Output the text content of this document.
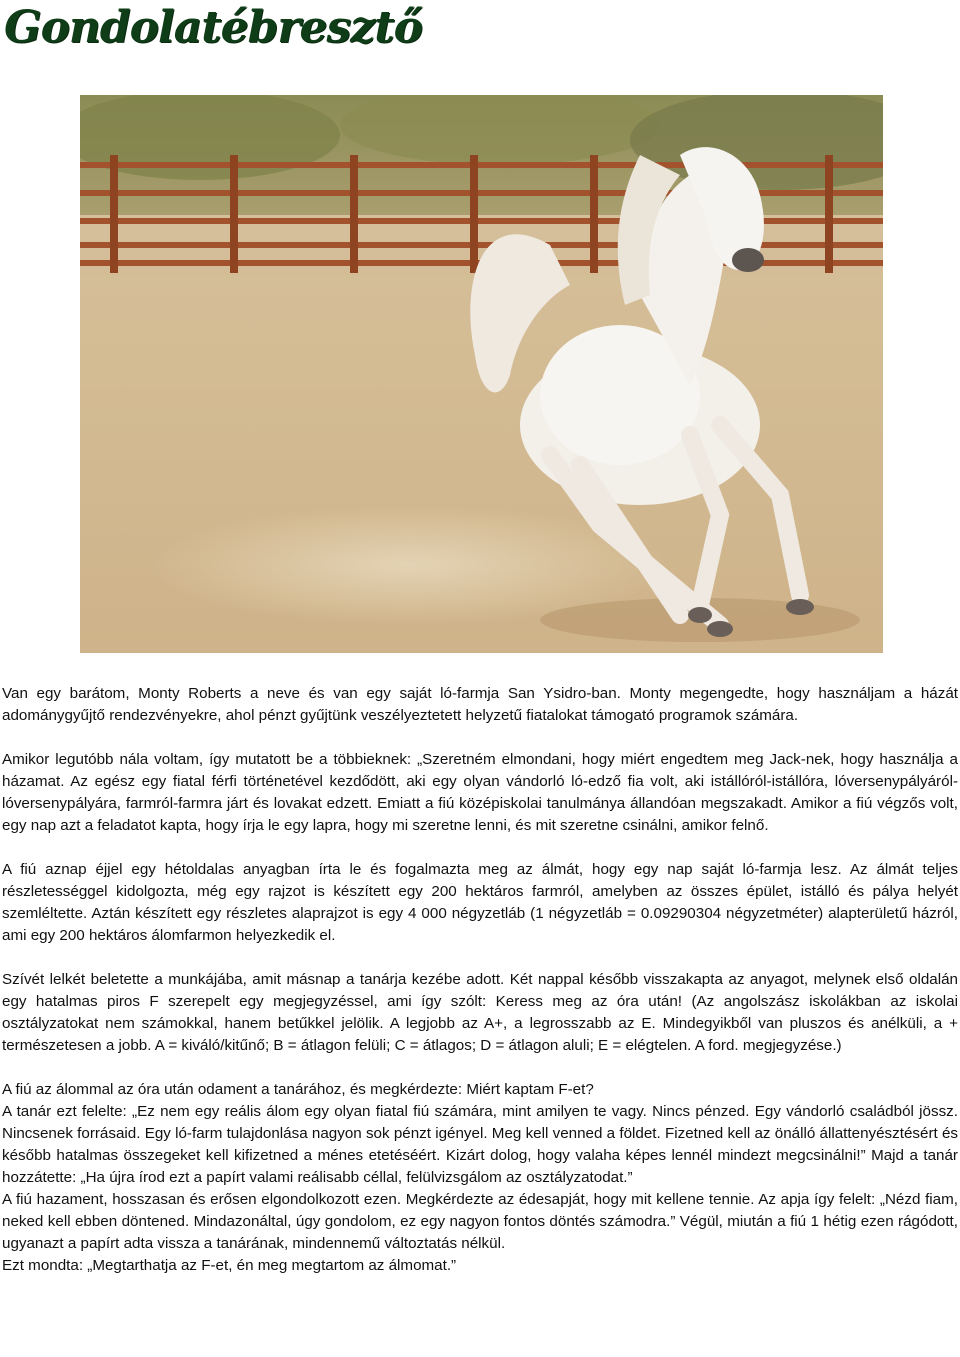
Gondolatébresztő

Van egy barátom, Monty Roberts a neve és van egy saját ló-farmja San Ysidro-ban. Monty megengedte, hogy használjam a házát adománygyűjtő rendezvényekre, ahol pénzt gyűjtünk veszélyeztetett helyzetű fiatalokat támogató programok számára.

Amikor legutóbb nála voltam, így mutatott be a többieknek: „Szeretném elmondani, hogy miért engedtem meg Jack-nek, hogy használja a házamat. Az egész egy fiatal férfi történetével kezdődött, aki egy olyan vándorló ló-edző fia volt, aki istállóról-istállóra, lóversenypályáról-lóversenypályára, farmról-farmra járt és lovakat edzett. Emiatt a fiú középiskolai tanulmánya állandóan megszakadt. Amikor a fiú végzős volt, egy nap azt a feladatot kapta, hogy írja le egy lapra, hogy mi szeretne lenni, és mit szeretne csinálni, amikor felnő.

A fiú aznap éjjel egy hétoldalas anyagban írta le és fogalmazta meg az álmát, hogy egy nap saját ló-farmja lesz. Az álmát teljes részletességgel kidolgozta, még egy rajzot is készített egy 200 hektáros farmról, amelyben az összes épület, istálló és pálya helyét szemléltette. Aztán készített egy részletes alaprajzot is egy 4 000 négyzetláb (1 négyzetláb = 0.09290304 négyzetméter) alapterületű házról, ami egy 200 hektáros álomfarmon helyezkedik el.

Szívét lelkét beletette a munkájába, amit másnap a tanárja kezébe adott. Két nappal később visszakapta az anyagot, melynek első oldalán egy hatalmas piros F szerepelt egy megjegyzéssel, ami így szólt: Keress meg az óra után! (Az angolszász iskolákban az iskolai osztályzatokat nem számokkal, hanem betűkkel jelölik. A legjobb az A+, a legrosszabb az E. Mindegyikből van pluszos és anélküli, a + természetesen a jobb. A = kiváló/kitűnő; B = átlagon felüli; C = átlagos; D = átlagon aluli; E = elégtelen. A ford. megjegyzése.)

A fiú az álommal az óra után odament a tanárához, és megkérdezte: Miért kaptam F-et?

A tanár ezt felelte: „Ez nem egy reális álom egy olyan fiatal fiú számára, mint amilyen te vagy. Nincs pénzed. Egy vándorló családból jössz. Nincsenek forrásaid. Egy ló-farm tulajdonlása nagyon sok pénzt igényel. Meg kell venned a földet. Fizetned kell az önálló állattenyésztésért és később hatalmas összegeket kell kifizetned a ménes etetéséért. Kizárt dolog, hogy valaha képes lennél mindezt megcsinálni!” Majd a tanár hozzátette: „Ha újra írod ezt a papírt valami reálisabb céllal, felülvizsgálom az osztályzatodat.”

A fiú hazament, hosszasan és erősen elgondolkozott ezen. Megkérdezte az édesapját, hogy mit kellene tennie. Az apja így felelt: „Nézd fiam, neked kell ebben döntened. Mindazonáltal, úgy gondolom, ez egy nagyon fontos döntés számodra.” Végül, miután a fiú 1 hétig ezen rágódott, ugyanazt a papírt adta vissza a tanárának, mindennemű változtatás nélkül.

Ezt mondta: „Megtarthatja az F-et, én meg megtartom az álmomat.”
